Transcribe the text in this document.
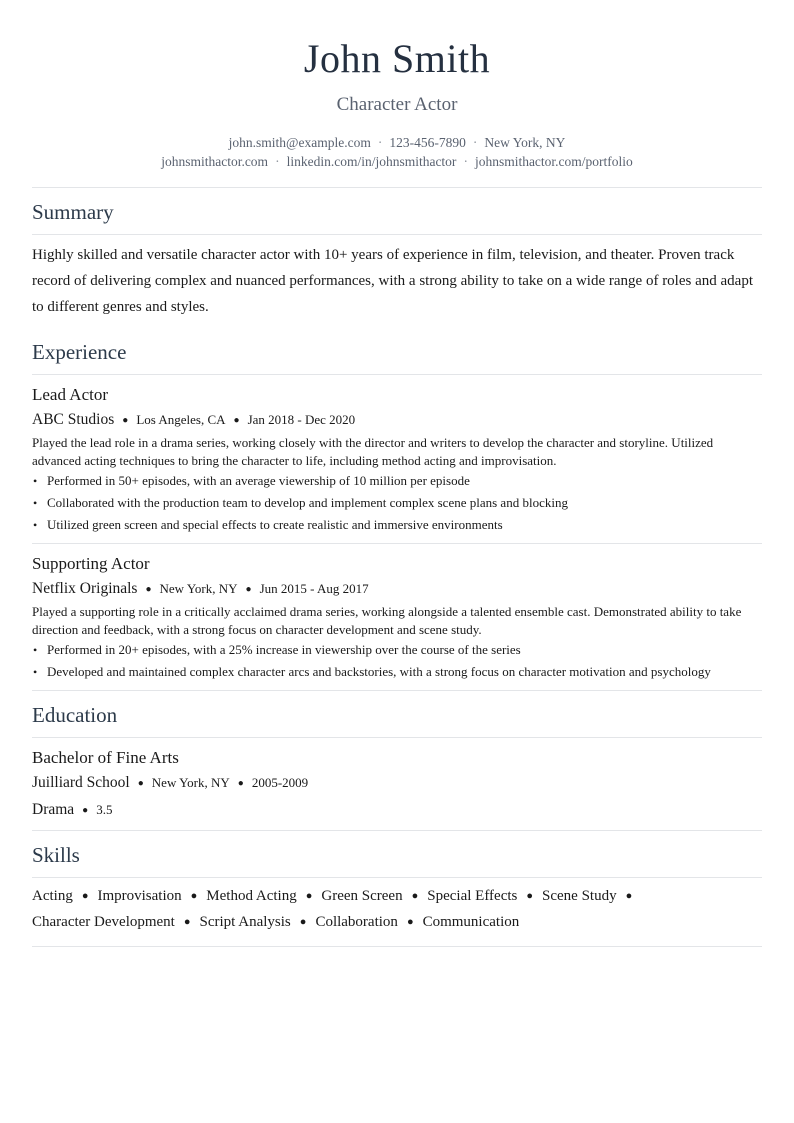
John Smith
Character Actor
john.smith@example.com · 123-456-7890 · New York, NY
johnsmithactor.com · linkedin.com/in/johnsmithactor · johnsmithactor.com/portfolio
Summary
Highly skilled and versatile character actor with 10+ years of experience in film, television, and theater. Proven track record of delivering complex and nuanced performances, with a strong ability to take on a wide range of roles and adapt to different genres and styles.
Experience
Lead Actor
ABC Studios ● Los Angeles, CA ● Jan 2018 - Dec 2020
Played the lead role in a drama series, working closely with the director and writers to develop the character and storyline. Utilized advanced acting techniques to bring the character to life, including method acting and improvisation.
• Performed in 50+ episodes, with an average viewership of 10 million per episode
• Collaborated with the production team to develop and implement complex scene plans and blocking
• Utilized green screen and special effects to create realistic and immersive environments
Supporting Actor
Netflix Originals ● New York, NY ● Jun 2015 - Aug 2017
Played a supporting role in a critically acclaimed drama series, working alongside a talented ensemble cast. Demonstrated ability to take direction and feedback, with a strong focus on character development and scene study.
• Performed in 20+ episodes, with a 25% increase in viewership over the course of the series
• Developed and maintained complex character arcs and backstories, with a strong focus on character motivation and psychology
Education
Bachelor of Fine Arts
Juilliard School ● New York, NY ● 2005-2009
Drama ● 3.5
Skills
Acting ● Improvisation ● Method Acting ● Green Screen ● Special Effects ● Scene Study ●
Character Development ● Script Analysis ● Collaboration ● Communication
